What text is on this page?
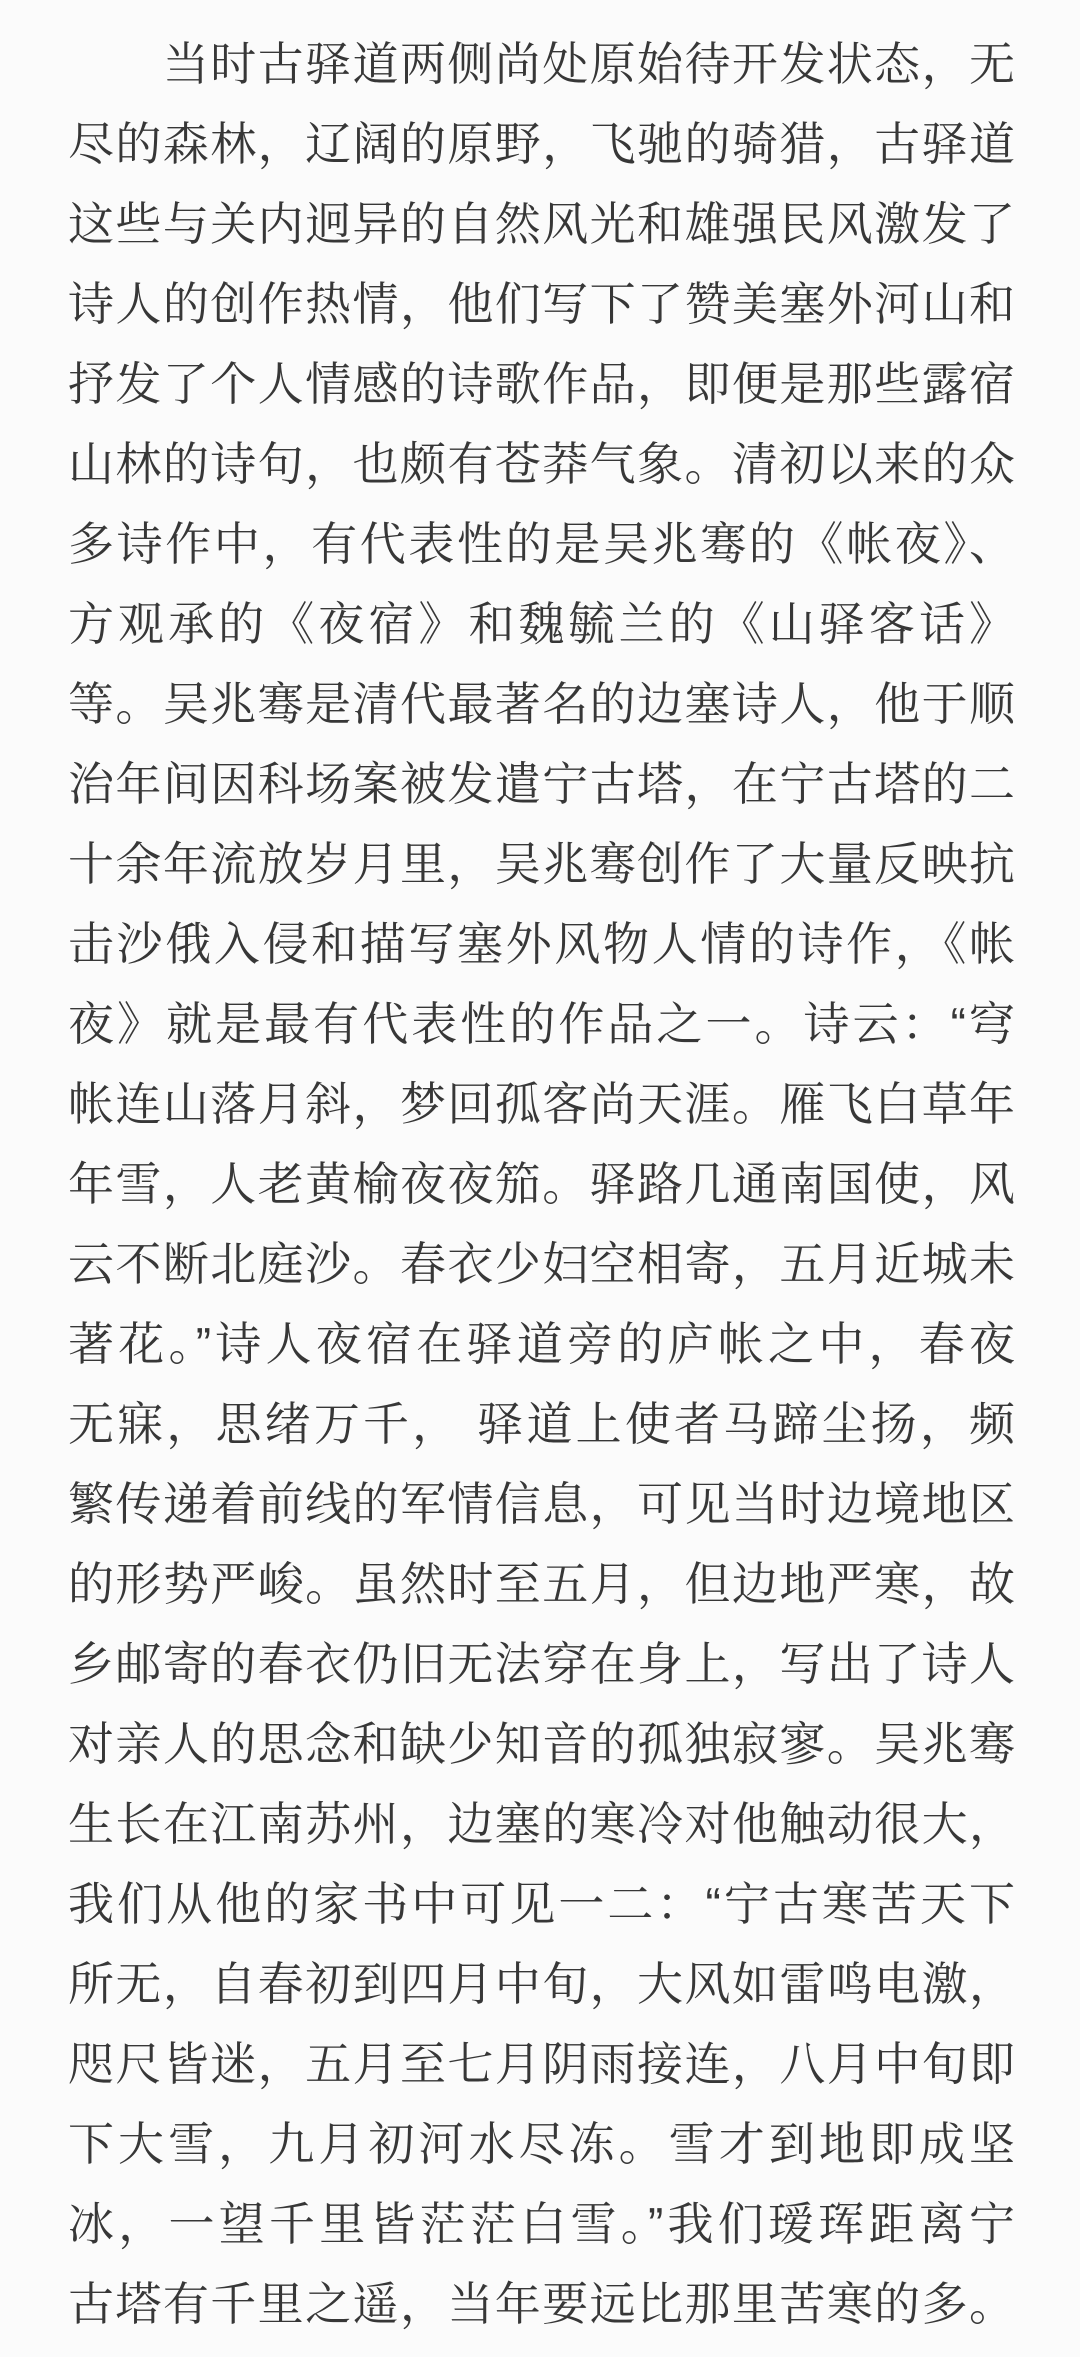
　　当时古驿道两侧尚处原始待开发状态，无
尽的森林，辽阔的原野，飞驰的骑猎，古驿道
这些与关内迥异的自然风光和雄强民风激发了
诗人的创作热情，他们写下了赞美塞外河山和
抒发了个人情感的诗歌作品，即便是那些露宿
山林的诗句，也颇有苍莽气象。清初以来的众
多诗作中，有代表性的是吴兆骞的《帐夜》、
方观承的《夜宿》和魏毓兰的《山驿客话》
等。吴兆骞是清代最著名的边塞诗人，他于顺
治年间因科场案被发遣宁古塔，在宁古塔的二
十余年流放岁月里，吴兆骞创作了大量反映抗
击沙俄入侵和描写塞外风物人情的诗作，《帐
夜》就是最有代表性的作品之一。诗云：“穹
帐连山落月斜，梦回孤客尚天涯。雁飞白草年
年雪，人老黄榆夜夜笳。驿路几通南国使，风
云不断北庭沙。春衣少妇空相寄，五月近城未
著花。”诗人夜宿在驿道旁的庐帐之中，春夜
无寐，思绪万千， 驿道上使者马蹄尘扬，频
繁传递着前线的军情信息，可见当时边境地区
的形势严峻。虽然时至五月，但边地严寒，故
乡邮寄的春衣仍旧无法穿在身上，写出了诗人
对亲人的思念和缺少知音的孤独寂寥。吴兆骞
生长在江南苏州，边塞的寒冷对他触动很大，
我们从他的家书中可见一二：“宁古寒苦天下
所无，自春初到四月中旬，大风如雷鸣电激，
咫尺皆迷，五月至七月阴雨接连，八月中旬即
下大雪，九月初河水尽冻。雪才到地即成坚
冰，一望千里皆茫茫白雪。”我们瑷珲距离宁
古塔有千里之遥，当年要远比那里苦寒的多。
